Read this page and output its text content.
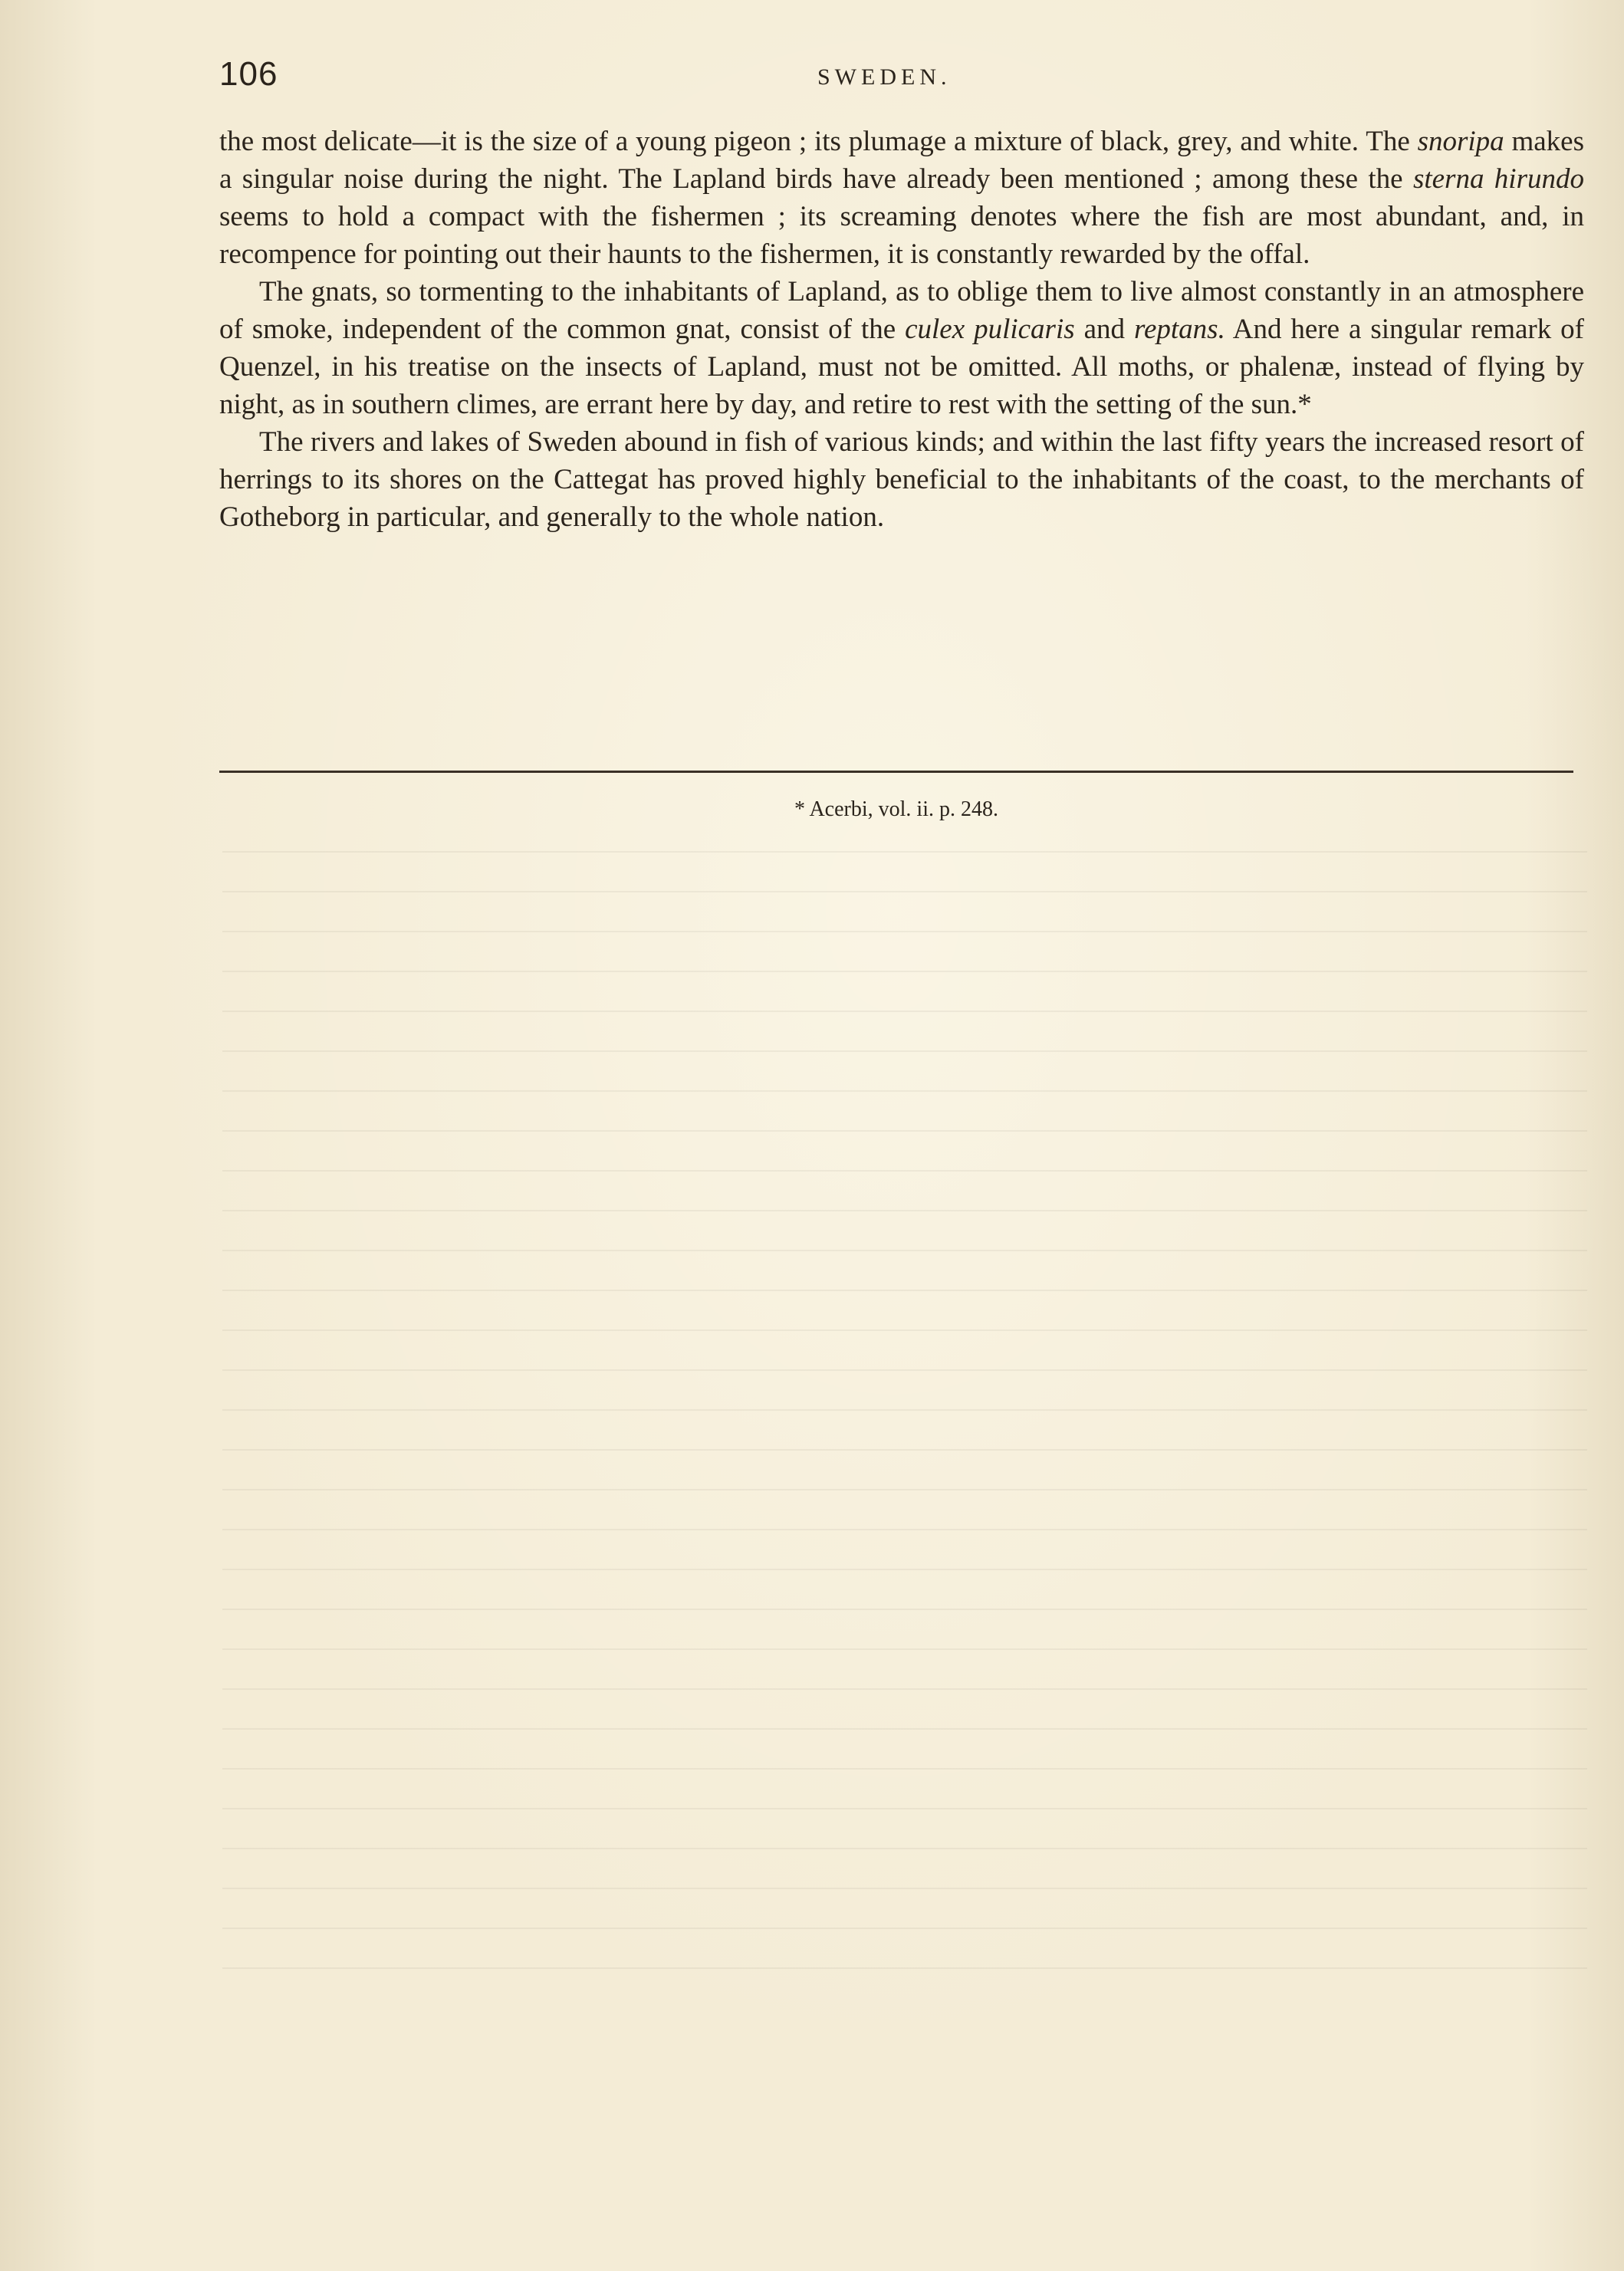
106	SWEDEN.

the most delicate—it is the size of a young pigeon ; its plumage a mixture of black, grey, and white. The snoripa makes a singular noise during the night. The Lapland birds have already been mentioned ; among these the sterna hirundo seems to hold a compact with the fishermen ; its screaming denotes where the fish are most abundant, and, in recompence for pointing out their haunts to the fishermen, it is constantly rewarded by the offal.

The gnats, so tormenting to the inhabitants of Lapland, as to oblige them to live almost constantly in an atmosphere of smoke, independent of the common gnat, consist of the culex pulicaris and reptans. And here a singular remark of Quenzel, in his treatise on the insects of Lapland, must not be omitted. All moths, or phalenæ, instead of flying by night, as in southern climes, are errant here by day, and retire to rest with the setting of the sun.*

The rivers and lakes of Sweden abound in fish of various kinds; and within the last fifty years the increased resort of herrings to its shores on the Cattegat has proved highly beneficial to the inhabitants of the coast, to the merchants of Gotheborg in particular, and generally to the whole nation.

* Acerbi, vol. ii. p. 248.
